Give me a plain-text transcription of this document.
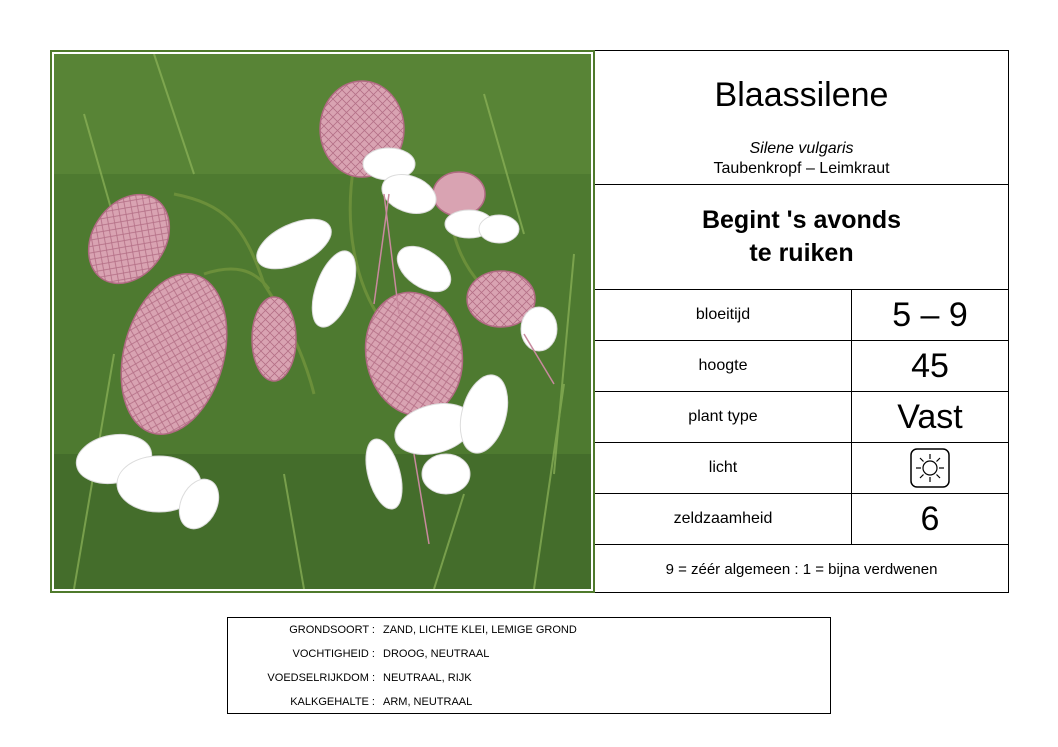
Blaassilene
Silene vulgaris
Taubenkropf – Leimkraut
Begint 's avonds
te ruiken
bloeitijd	5 – 9
hoogte	45
plant type	Vast
licht
zeldzaamheid	6
9 = zéér algemeen : 1 = bijna verdwenen
GRONDSOORT : ZAND, LICHTE KLEI, LEMIGE GROND
VOCHTIGHEID : DROOG, NEUTRAAL
VOEDSELRIJKDOM : NEUTRAAL, RIJK
KALKGEHALTE : ARM, NEUTRAAL
